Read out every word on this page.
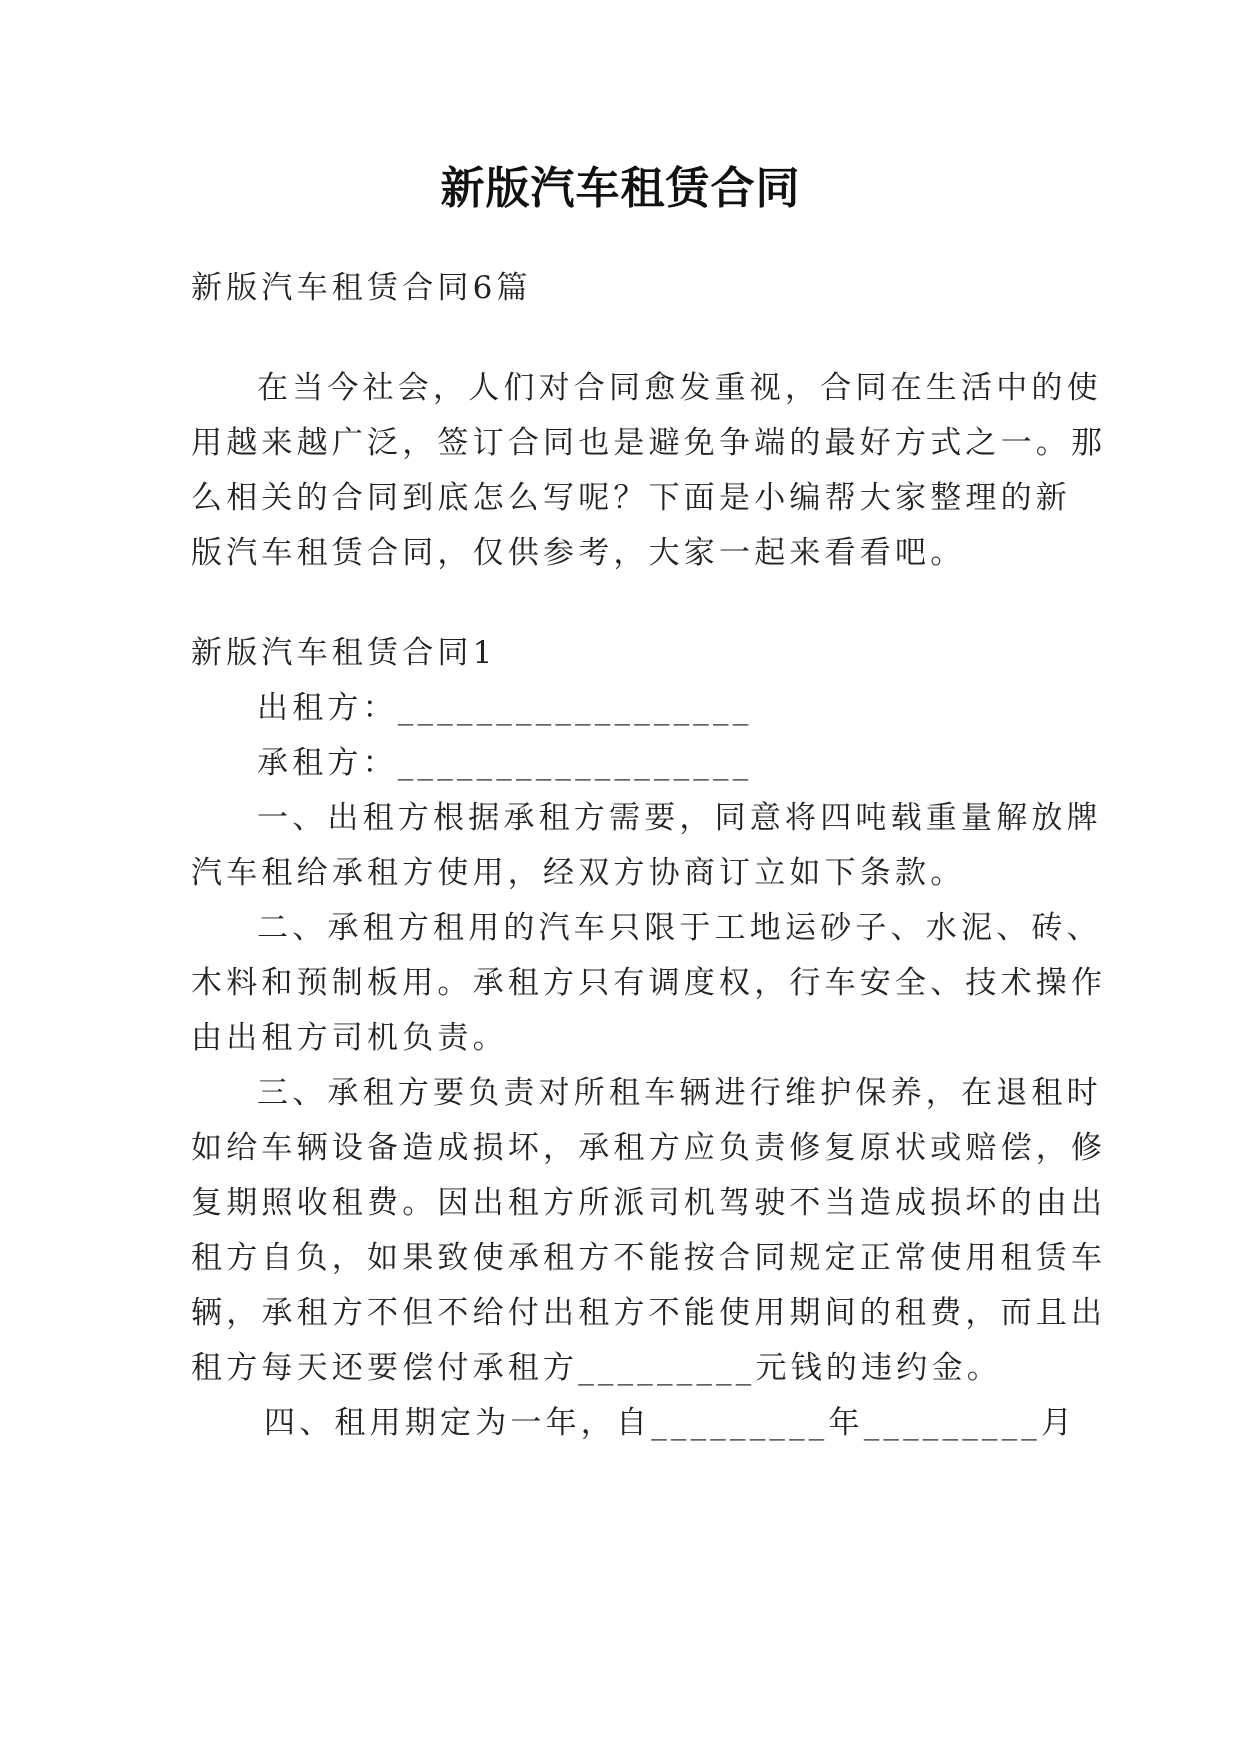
新版汽车租赁合同
新版汽车租赁合同6篇
在当今社会，人们对合同愈发重视，合同在生活中的使
用越来越广泛，签订合同也是避免争端的最好方式之一。那
么相关的合同到底怎么写呢？下面是小编帮大家整理的新
版汽车租赁合同，仅供参考，大家一起来看看吧。
新版汽车租赁合同1
出租方：__________________
承租方：__________________
一、出租方根据承租方需要，同意将四吨载重量解放牌
汽车租给承租方使用，经双方协商订立如下条款。
二、承租方租用的汽车只限于工地运砂子、水泥、砖、
木料和预制板用。承租方只有调度权，行车安全、技术操作
由出租方司机负责。
三、承租方要负责对所租车辆进行维护保养，在退租时
如给车辆设备造成损坏，承租方应负责修复原状或赔偿，修
复期照收租费。因出租方所派司机驾驶不当造成损坏的由出
租方自负，如果致使承租方不能按合同规定正常使用租赁车
辆，承租方不但不给付出租方不能使用期间的租费，而且出
租方每天还要偿付承租方_________元钱的违约金。
四、租用期定为一年，自_________年_________月
